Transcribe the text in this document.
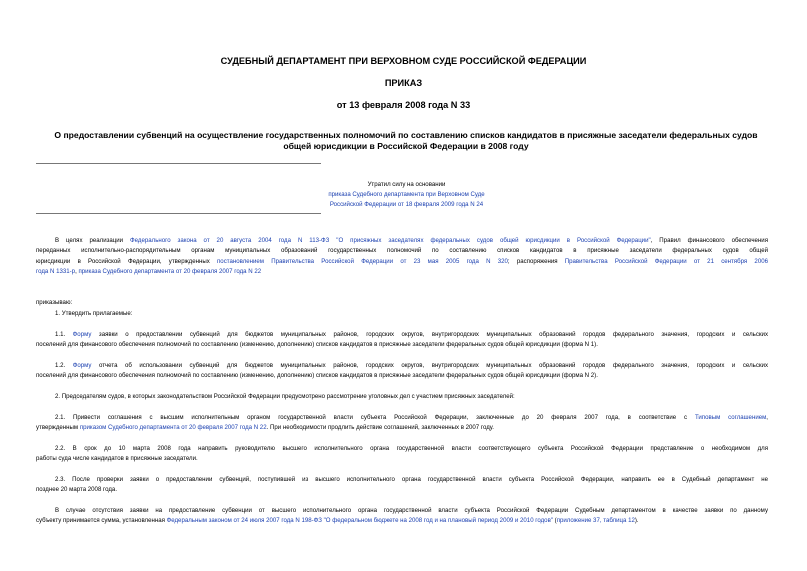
СУДЕБНЫЙ ДЕПАРТАМЕНТ ПРИ ВЕРХОВНОМ СУДЕ РОССИЙСКОЙ ФЕДЕРАЦИИ
ПРИКАЗ
от 13 февраля 2008 года N 33
О предоставлении субвенций на осуществление государственных полномочий по составлению списков кандидатов в присяжные заседатели федеральных судов
общей юрисдикции в Российской Федерации в 2008 году
Утратил силу на основании
приказа Судебного департамента при Верховном Суде
Российской Федерации от 18 февраля 2009 года N 24
В целях реализации Федерального закона от 20 августа 2004 года N 113-ФЗ "О присяжных заседателях федеральных судов общей юрисдикции в Российской Федерации", Правил финансового обеспечения
переданных исполнительно-распорядительным органам муниципальных образований государственных полномочий по составлению списков кандидатов в присяжные заседатели федеральных судов общей
юрисдикции в Российской Федерации, утвержденных постановлением Правительства Российской Федерации от 23 мая 2005 года N 320; распоряжения Правительства Российской Федерации от 21 сентября 2006
года N 1331-р, приказа Судебного департамента от 20 февраля 2007 года N 22
приказываю:
1. Утвердить прилагаемые:
1.1. Форму заявки о предоставлении субвенций для бюджетов муниципальных районов, городских округов, внутригородских муниципальных образований городов федерального значения, городских и сельских
поселений для финансового обеспечения полномочий по составлению (изменению, дополнению) списков кандидатов в присяжные заседатели федеральных судов общей юрисдикции (форма N 1).
1.2. Форму отчета об использовании субвенций для бюджетов муниципальных районов, городских округов, внутригородских муниципальных образований городов федерального значения, городских и сельских
поселений для финансового обеспечения полномочий по составлению (изменению, дополнению) списков кандидатов в присяжные заседатели федеральных судов общей юрисдикции (форма N 2).
2. Председателям судов, в которых законодательством Российской Федерации предусмотрено рассмотрение уголовных дел с участием присяжных заседателей:
2.1. Привести соглашения с высшим исполнительным органом государственной власти субъекта Российской Федерации, заключенные до 20 февраля 2007 года, в соответствие с Типовым соглашением,
утвержденным приказом Судебного департамента от 20 февраля 2007 года N 22. При необходимости продлить действие соглашений, заключенных в 2007 году.
2.2. В срок до 10 марта 2008 года направить руководителю высшего исполнительного органа государственной власти соответствующего субъекта Российской Федерации представление о необходимом для
работы суда числе кандидатов в присяжные заседатели.
2.3. После проверки заявки о предоставлении субвенций, поступившей из высшего исполнительного органа государственной власти субъекта Российской Федерации, направить ее в Судебный департамент не
позднее 20 марта 2008 года.
В случае отсутствия заявки на предоставление субвенции от высшего исполнительного органа государственной власти субъекта Российской Федерации Судебным департаментом в качестве заявки по данному
субъекту принимается сумма, установленная Федеральным законом от 24 июля 2007 года N 198-ФЗ "О федеральном бюджете на 2008 год и на плановый период 2009 и 2010 годов" (приложение 37, таблица 12).
